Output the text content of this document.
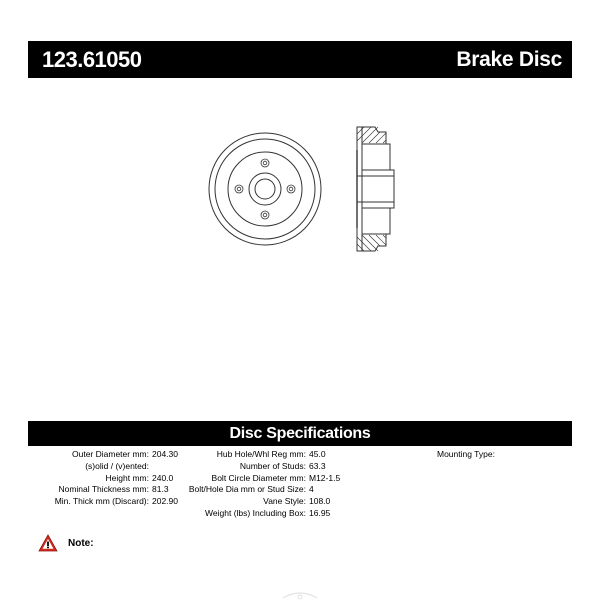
123.61050	Brake Disc
Disc Specifications
Outer Diameter mm: 204.30
(s)olid / (v)ented:
Height mm: 240.0
Nominal Thickness mm: 81.3
Min. Thick mm (Discard): 202.90
Hub Hole/Whl Reg mm: 45.0
Number of Studs: 63.3
Bolt Circle Diameter mm: M12-1.5
Bolt/Hole Dia mm or Stud Size: 4
Vane Style: 108.0
Weight (lbs) Including Box: 16.95
Mounting Type:
Note:
